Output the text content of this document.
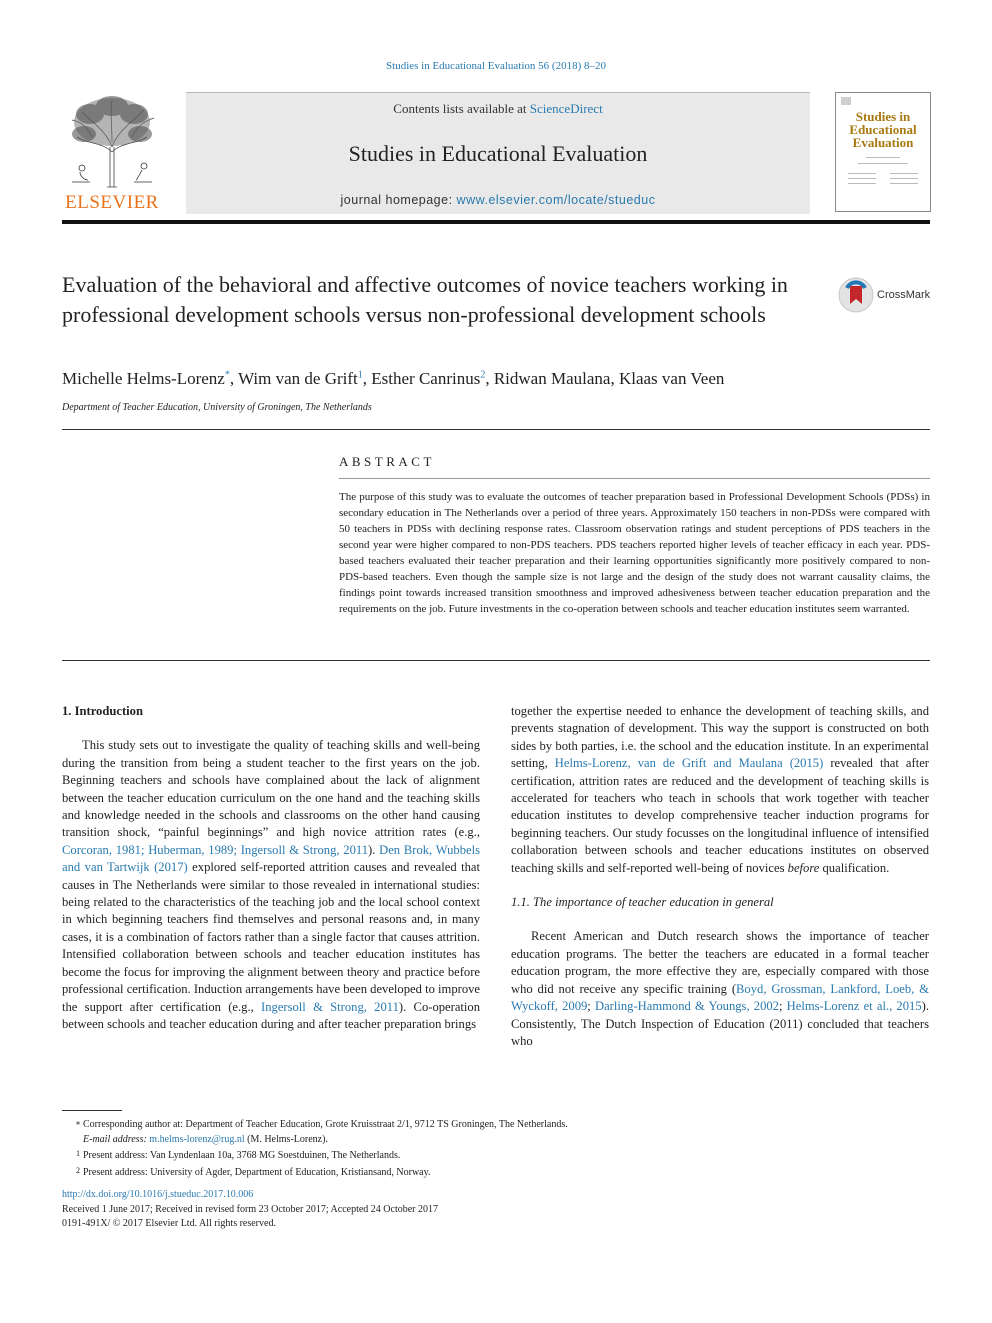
Studies in Educational Evaluation 56 (2018) 8–20
ELSEVIER
Contents lists available at ScienceDirect
Studies in Educational Evaluation
journal homepage: www.elsevier.com/locate/stueduc
Studies in
Educational
Evaluation
Evaluation of the behavioral and affective outcomes of novice teachers working in professional development schools versus non-professional development schools
CrossMark
Michelle Helms-Lorenz*, Wim van de Grift$^1$, Esther Canrinus$^2$, Ridwan Maulana, Klaas van Veen
Department of Teacher Education, University of Groningen, The Netherlands
ABSTRACT
The purpose of this study was to evaluate the outcomes of teacher preparation based in Professional Development Schools (PDSs) in secondary education in The Netherlands over a period of three years. Approximately 150 teachers in non-PDSs were compared with 50 teachers in PDSs with declining response rates. Classroom observation ratings and student perceptions of PDS teachers in the second year were higher compared to non-PDS teachers. PDS teachers reported higher levels of teacher efficacy in each year. PDS-based teachers evaluated their teacher preparation and their learning opportunities significantly more positively compared to non-PDS-based teachers. Even though the sample size is not large and the design of the study does not warrant causality claims, the findings point towards increased transition smoothness and improved adhesiveness between teacher education preparation and the requirements on the job. Future investments in the co-operation between schools and teacher education institutes seem warranted.
1. Introduction

This study sets out to investigate the quality of teaching skills and well-being during the transition from being a student teacher to the first years on the job. Beginning teachers and schools have complained about the lack of alignment between the teacher education curriculum on the one hand and the teaching skills and knowledge needed in the schools and classrooms on the other hand causing transition shock, “painful beginnings” and high novice attrition rates (e.g., Corcoran, 1981; Huberman, 1989; Ingersoll & Strong, 2011). Den Brok, Wubbels and van Tartwijk (2017) explored self-reported attrition causes and revealed that causes in The Netherlands were similar to those revealed in international studies: being related to the characteristics of the teaching job and the local school context in which beginning teachers find themselves and personal reasons and, in many cases, it is a combination of factors rather than a single factor that causes attrition. Intensified collaboration between schools and teacher education institutes has become the focus for improving the alignment between theory and practice before professional certification. Induction arrangements have been developed to improve the support after certification (e.g., Ingersoll & Strong, 2011). Co-operation between schools and teacher education during and after teacher preparation brings

together the expertise needed to enhance the development of teaching skills, and prevents stagnation of development. This way the support is constructed on both sides by both parties, i.e. the school and the education institute. In an experimental setting, Helms-Lorenz, van de Grift and Maulana (2015) revealed that after certification, attrition rates are reduced and the development of teaching skills is accelerated for teachers who teach in schools that work together with teacher education institutes to develop comprehensive teacher induction programs for beginning teachers. Our study focusses on the longitudinal influence of intensified collaboration between schools and teacher educations institutes on observed teaching skills and self-reported well-being of novices before qualification.

1.1. The importance of teacher education in general

Recent American and Dutch research shows the importance of teacher education programs. The better the teachers are educated in a formal teacher education program, the more effective they are, especially compared with those who did not receive any specific training (Boyd, Grossman, Lankford, Loeb, & Wyckoff, 2009; Darling-Hammond & Youngs, 2002; Helms-Lorenz et al., 2015). Consistently, The Dutch Inspection of Education (2011) concluded that teachers who

⁎ Corresponding author at: Department of Teacher Education, Grote Kruisstraat 2/1, 9712 TS Groningen, The Netherlands.
E-mail address: m.helms-lorenz@rug.nl (M. Helms-Lorenz).
1 Present address: Van Lyndenlaan 10a, 3768 MG Soestduinen, The Netherlands.
2 Present address: University of Agder, Department of Education, Kristiansand, Norway.
http://dx.doi.org/10.1016/j.stueduc.2017.10.006
Received 1 June 2017; Received in revised form 23 October 2017; Accepted 24 October 2017
0191-491X/ © 2017 Elsevier Ltd. All rights reserved.
